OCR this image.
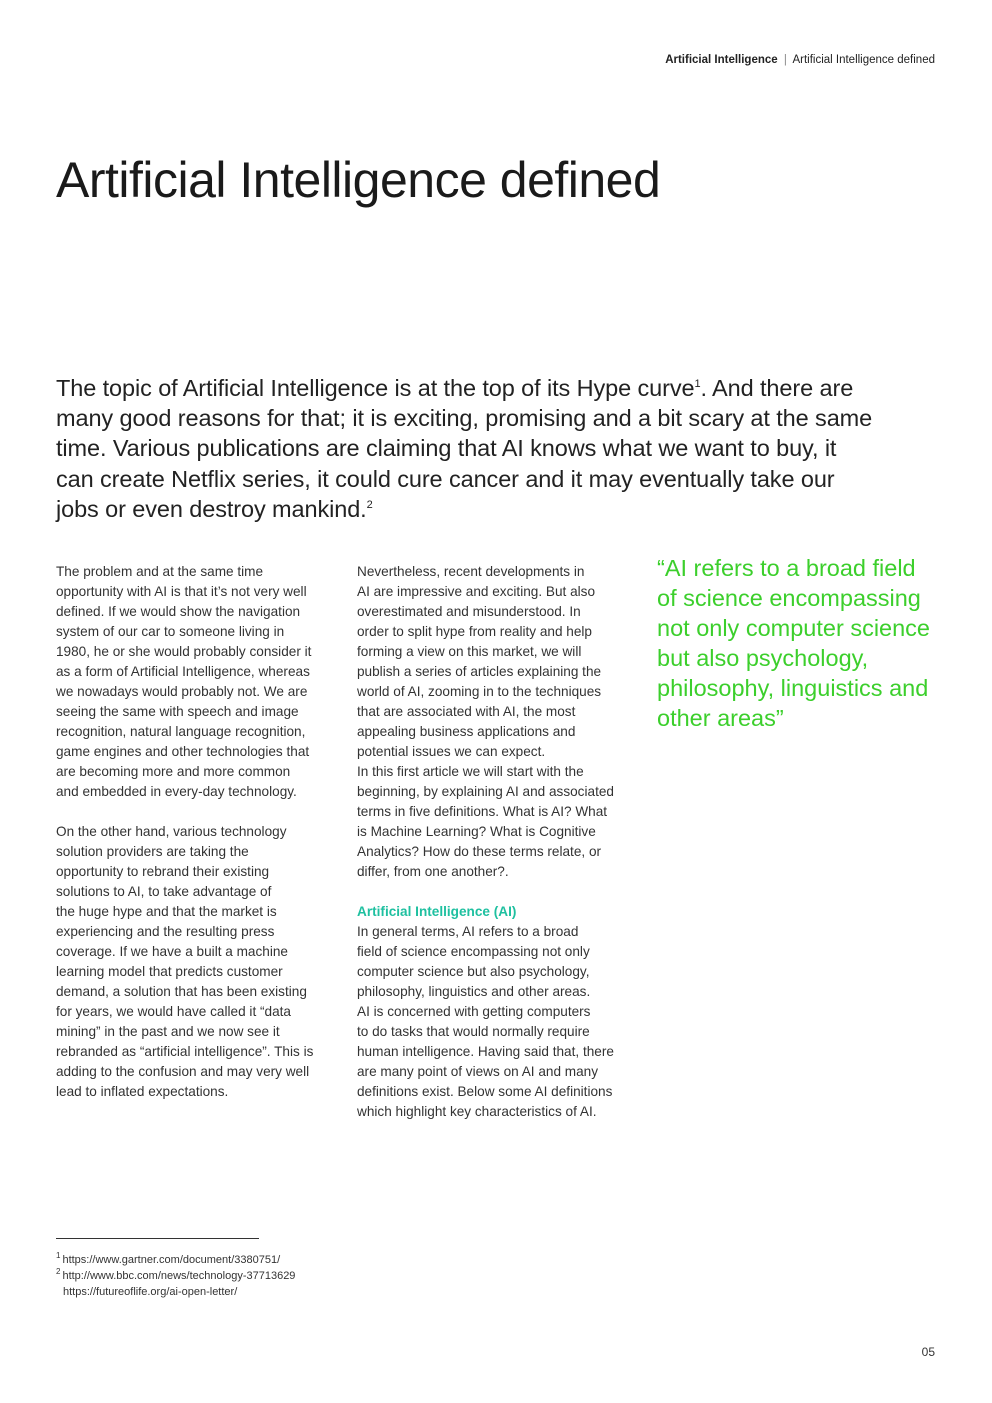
Artificial Intelligence | Artificial Intelligence defined
Artificial Intelligence defined
The topic of Artificial Intelligence is at the top of its Hype curve$^1$. And there are
many good reasons for that; it is exciting, promising and a bit scary at the same
time. Various publications are claiming that AI knows what we want to buy, it
can create Netflix series, it could cure cancer and it may eventually take our
jobs or even destroy mankind.$^2$
The problem and at the same time
opportunity with AI is that it’s not very well
defined. If we would show the navigation
system of our car to someone living in
1980, he or she would probably consider it
as a form of Artificial Intelligence, whereas
we nowadays would probably not. We are
seeing the same with speech and image
recognition, natural language recognition,
game engines and other technologies that
are becoming more and more common
and embedded in every-day technology.
On the other hand, various technology
solution providers are taking the
opportunity to rebrand their existing
solutions to AI, to take advantage of
the huge hype and that the market is
experiencing and the resulting press
coverage. If we have a built a machine
learning model that predicts customer
demand, a solution that has been existing
for years, we would have called it “data
mining” in the past and we now see it
rebranded as “artificial intelligence”. This is
adding to the confusion and may very well
lead to inflated expectations.
Nevertheless, recent developments in
AI are impressive and exciting. But also
overestimated and misunderstood. In
order to split hype from reality and help
forming a view on this market, we will
publish a series of articles explaining the
world of AI, zooming in to the techniques
that are associated with AI, the most
appealing business applications and
potential issues we can expect.
In this first article we will start with the
beginning, by explaining AI and associated
terms in five definitions. What is AI? What
is Machine Learning? What is Cognitive
Analytics? How do these terms relate, or
differ, from one another?.

Artificial Intelligence (AI)

In general terms, AI refers to a broad
field of science encompassing not only
computer science but also psychology,
philosophy, linguistics and other areas.
AI is concerned with getting computers
to do tasks that would normally require
human intelligence. Having said that, there
are many point of views on AI and many
definitions exist. Below some AI definitions
which highlight key characteristics of AI.
“AI refers to a broad field
of science encompassing
not only computer science
but also psychology,
philosophy, linguistics and
other areas”
$^1$ https://www.gartner.com/document/3380751/
$^2$ http://www.bbc.com/news/technology-37713629
https://futureoflife.org/ai-open-letter/
05
